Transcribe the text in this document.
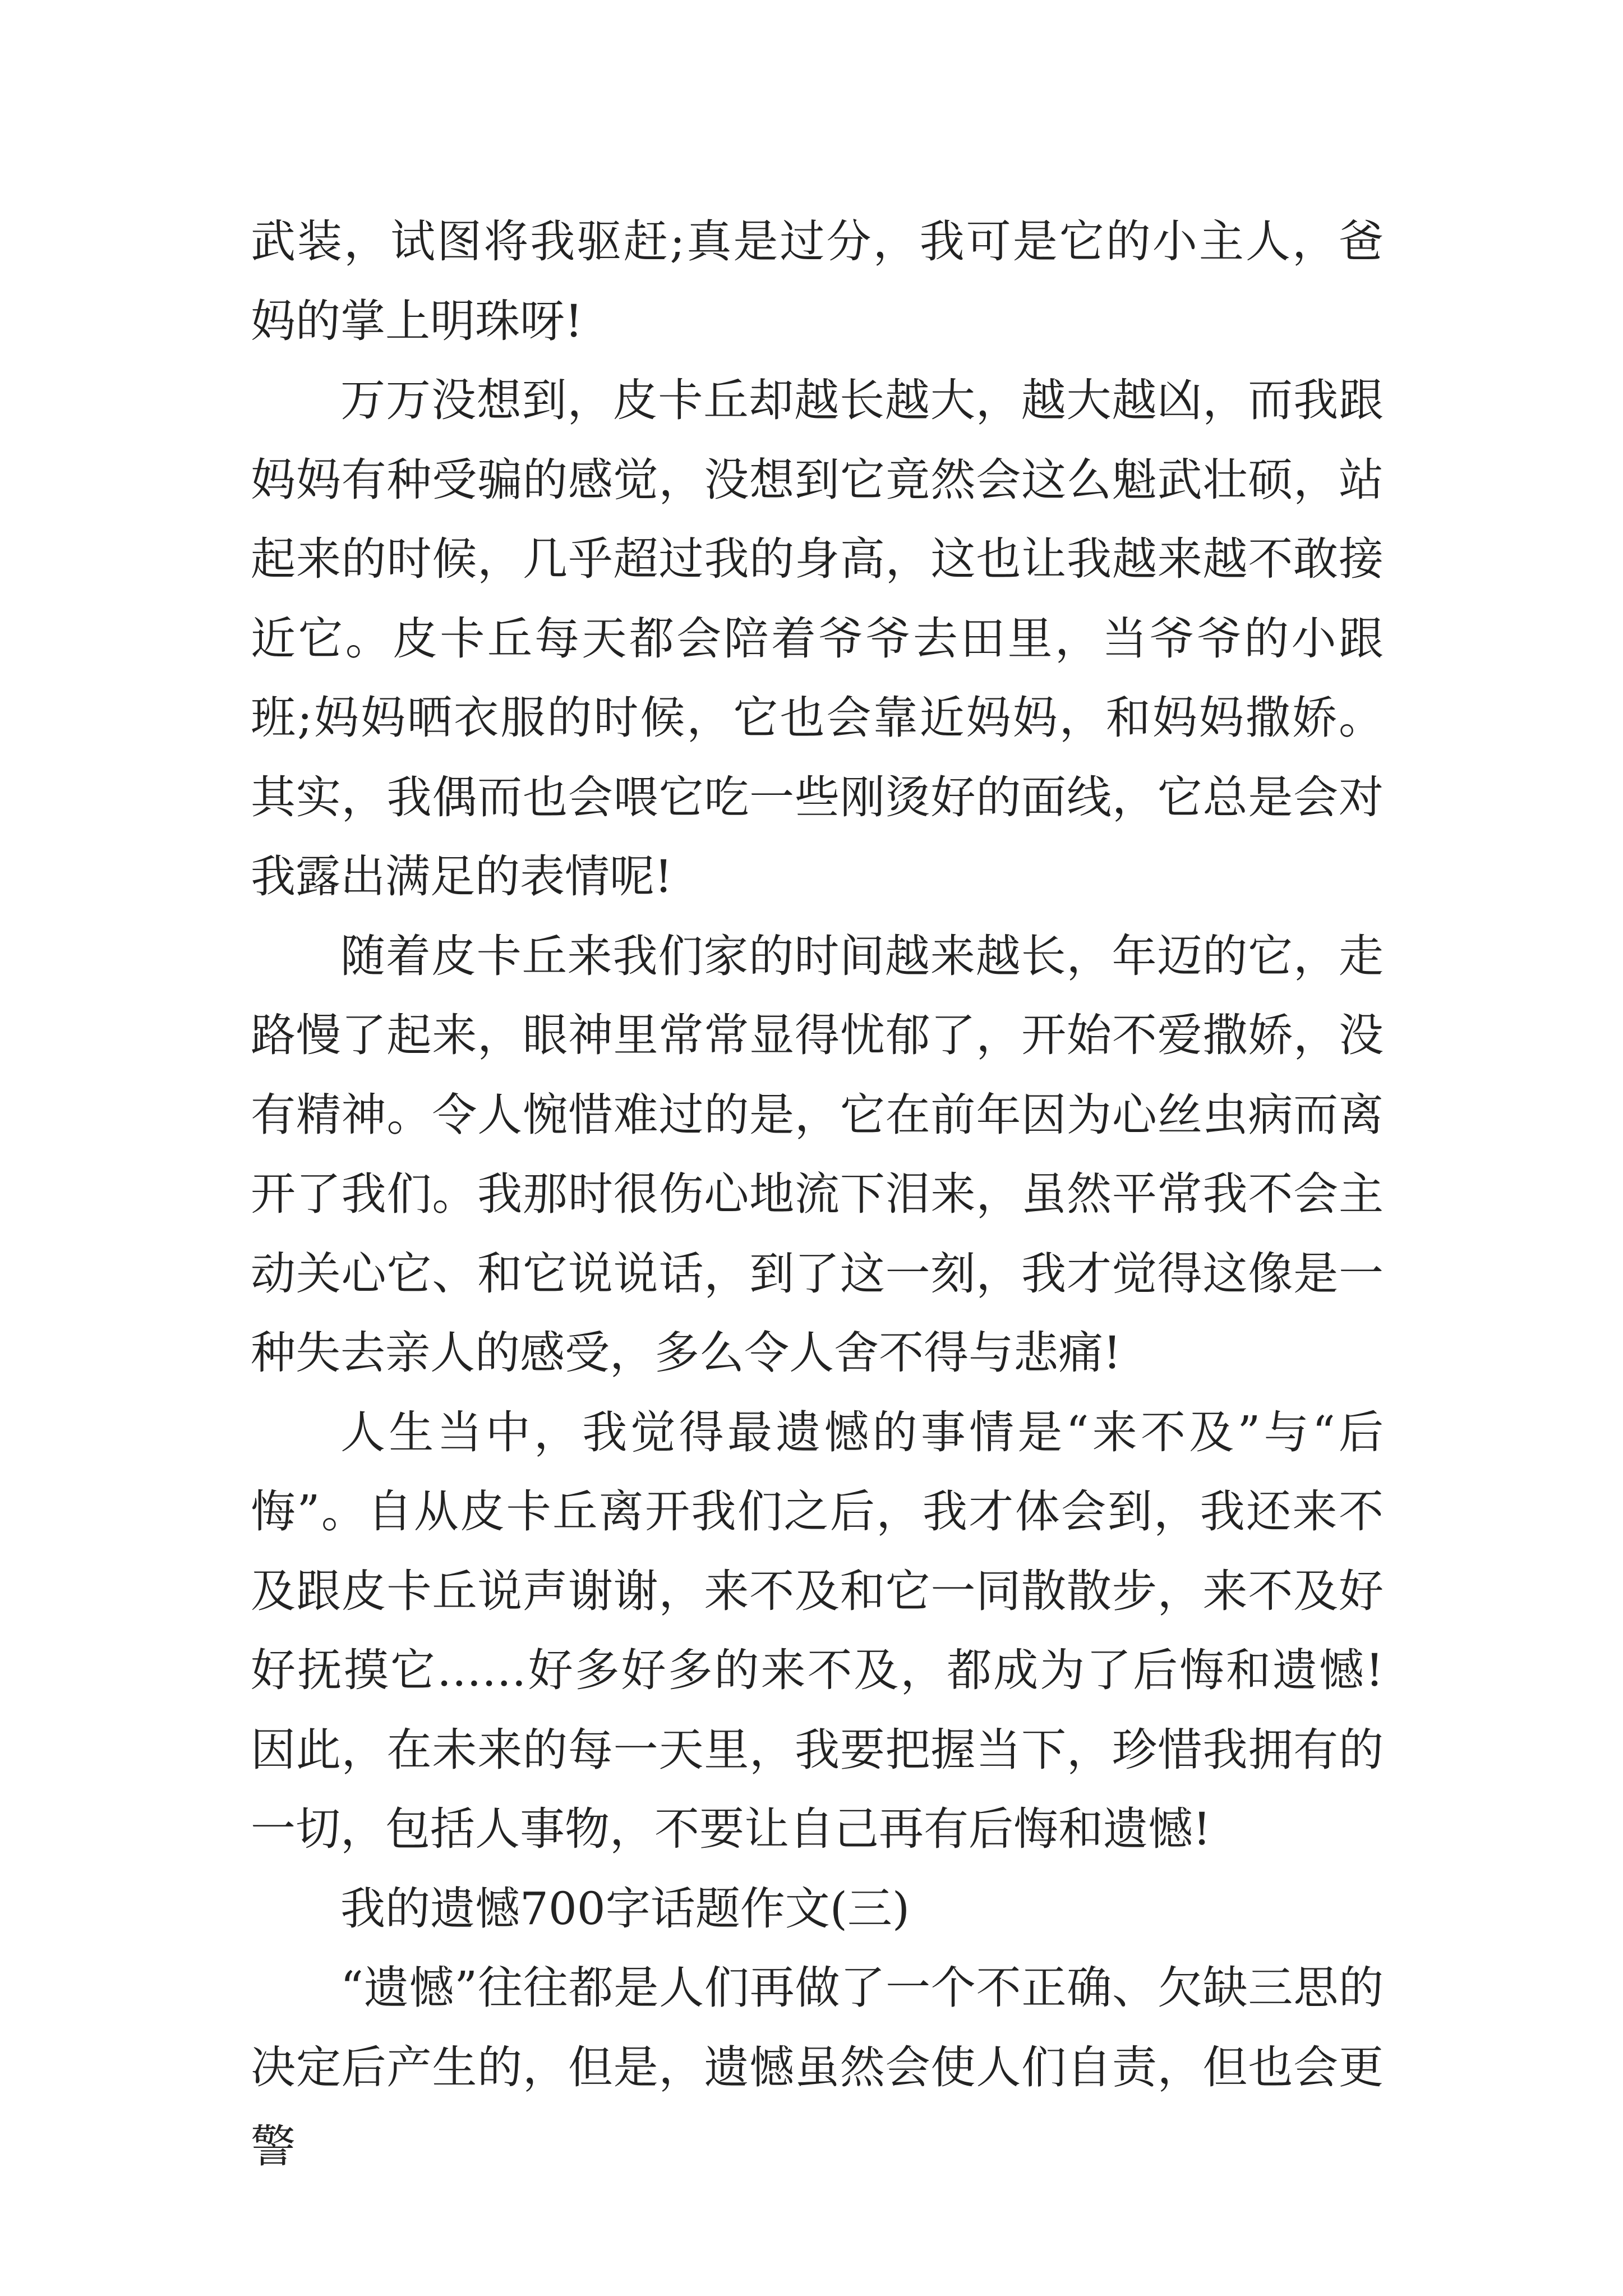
武装，试图将我驱赶;真是过分，我可是它的小主人，爸妈的掌上明珠呀!

万万没想到，皮卡丘却越长越大，越大越凶，而我跟妈妈有种受骗的感觉，没想到它竟然会这么魁武壮硕，站起来的时候，几乎超过我的身高，这也让我越来越不敢接近它。皮卡丘每天都会陪着爷爷去田里，当爷爷的小跟班;妈妈晒衣服的时候，它也会靠近妈妈，和妈妈撒娇。其实，我偶而也会喂它吃一些刚烫好的面线，它总是会对我露出满足的表情呢!

随着皮卡丘来我们家的时间越来越长，年迈的它，走路慢了起来，眼神里常常显得忧郁了，开始不爱撒娇，没有精神。令人惋惜难过的是，它在前年因为心丝虫病而离开了我们。我那时很伤心地流下泪来，虽然平常我不会主动关心它、和它说说话，到了这一刻，我才觉得这像是一种失去亲人的感受，多么令人舍不得与悲痛!

人生当中，我觉得最遗憾的事情是“来不及”与“后悔”。自从皮卡丘离开我们之后，我才体会到，我还来不及跟皮卡丘说声谢谢，来不及和它一同散散步，来不及好好抚摸它……好多好多的来不及，都成为了后悔和遗憾!因此，在未来的每一天里，我要把握当下，珍惜我拥有的一切，包括人事物，不要让自己再有后悔和遗憾!

我的遗憾700字话题作文(三)

“遗憾”往往都是人们再做了一个不正确、欠缺三思的决定后产生的，但是，遗憾虽然会使人们自责，但也会更警
